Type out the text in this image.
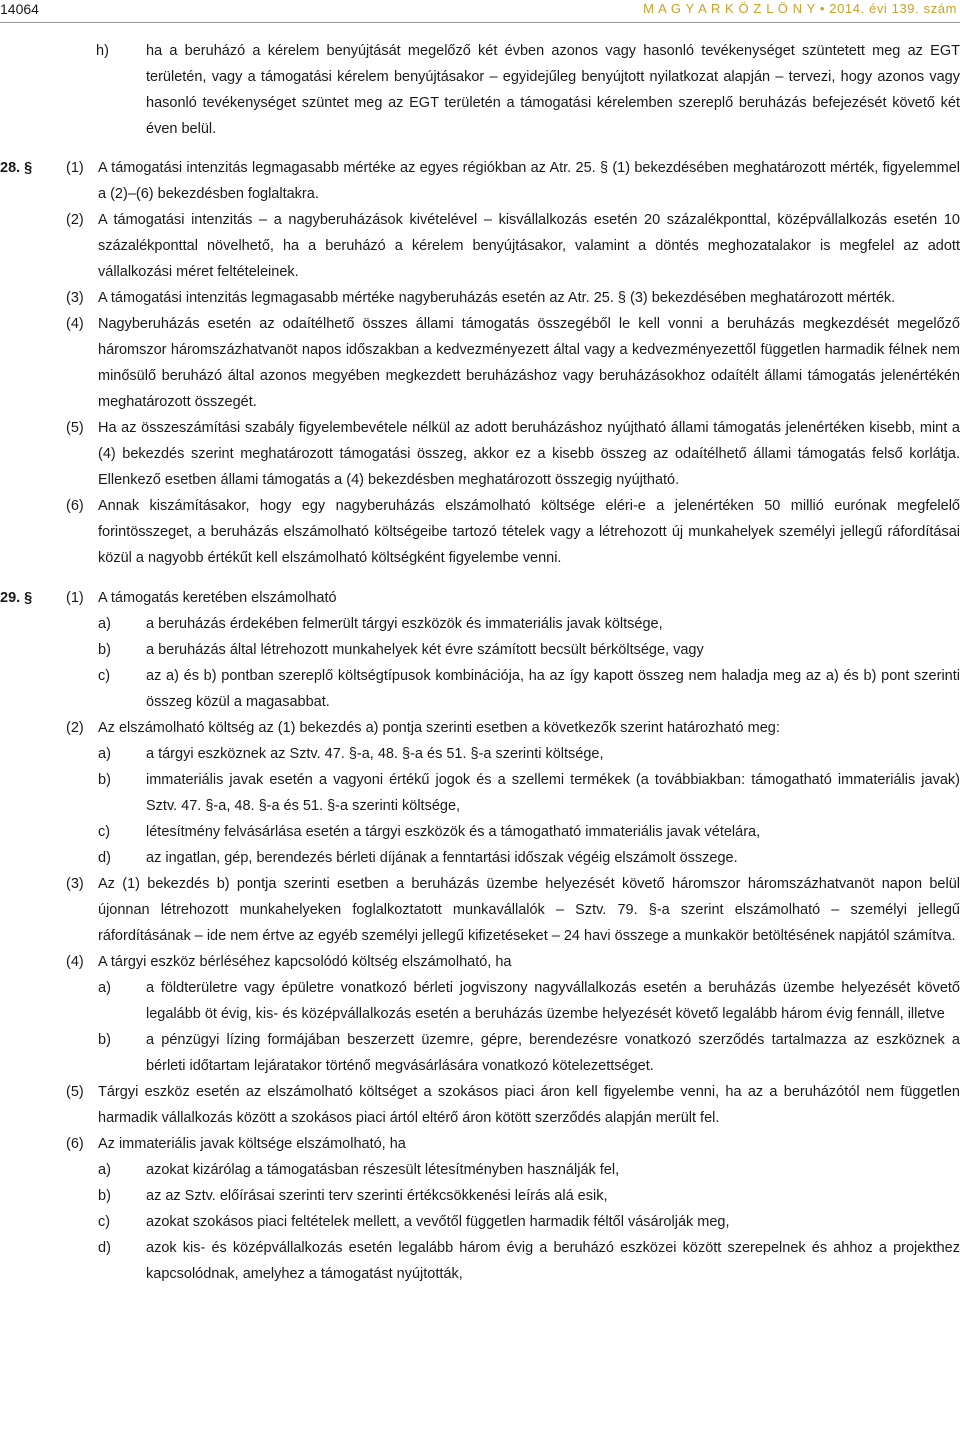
14064	M A G Y A R K Ö Z L Ö N Y • 2014. évi 139. szám
h)	ha a beruházó a kérelem benyújtását megelőző két évben azonos vagy hasonló tevékenységet szüntetett meg az EGT területén, vagy a támogatási kérelem benyújtásakor – egyidejűleg benyújtott nyilatkozat alapján – tervezi, hogy azonos vagy hasonló tevékenységet szüntet meg az EGT területén a támogatási kérelemben szereplő beruházás befejezését követő két éven belül.
28. § (1) A támogatási intenzitás legmagasabb mértéke az egyes régiókban az Atr. 25. § (1) bekezdésében meghatározott mérték, figyelemmel a (2)–(6) bekezdésben foglaltakra.
(2) A támogatási intenzitás – a nagyberuházások kivételével – kisvállalkozás esetén 20 százalékponttal, középvállalkozás esetén 10 százalékponttal növelhető, ha a beruházó a kérelem benyújtásakor, valamint a döntés meghozatalakor is megfelel az adott vállalkozási méret feltételeinek.
(3) A támogatási intenzitás legmagasabb mértéke nagyberuházás esetén az Atr. 25. § (3) bekezdésében meghatározott mérték.
(4) Nagyberuházás esetén az odaítélhető összes állami támogatás összegéből le kell vonni a beruházás megkezdését megelőző háromszor háromszázhatvanöt napos időszakban a kedvezményezett által vagy a kedvezményezettől független harmadik félnek nem minősülő beruházó által azonos megyében megkezdett beruházáshoz vagy beruházásokhoz odaítélt állami támogatás jelenértékén meghatározott összegét.
(5) Ha az összeszámítási szabály figyelembevétele nélkül az adott beruházáshoz nyújtható állami támogatás jelenértéken kisebb, mint a (4) bekezdés szerint meghatározott támogatási összeg, akkor ez a kisebb összeg az odaítélhető állami támogatás felső korlátja. Ellenkező esetben állami támogatás a (4) bekezdésben meghatározott összegig nyújtható.
(6) Annak kiszámításakor, hogy egy nagyberuházás elszámolható költsége eléri-e a jelenértéken 50 millió eurónak megfelelő forintösszeget, a beruházás elszámolható költségeibe tartozó tételek vagy a létrehozott új munkahelyek személyi jellegű ráfordításai közül a nagyobb értékűt kell elszámolható költségként figyelembe venni.
29. § (1) A támogatás keretében elszámolható
a) a beruházás érdekében felmerült tárgyi eszközök és immateriális javak költsége,
b) a beruházás által létrehozott munkahelyek két évre számított becsült bérköltsége, vagy
c) az a) és b) pontban szereplő költségtípusok kombinációja, ha az így kapott összeg nem haladja meg az a) és b) pont szerinti összeg közül a magasabbat.
(2) Az elszámolható költség az (1) bekezdés a) pontja szerinti esetben a következők szerint határozható meg:
a) a tárgyi eszköznek az Sztv. 47. §-a, 48. §-a és 51. §-a szerinti költsége,
b) immateriális javak esetén a vagyoni értékű jogok és a szellemi termékek (a továbbiakban: támogatható immateriális javak) Sztv. 47. §-a, 48. §-a és 51. §-a szerinti költsége,
c) létesítmény felvásárlása esetén a tárgyi eszközök és a támogatható immateriális javak vételára,
d) az ingatlan, gép, berendezés bérleti díjának a fenntartási időszak végéig elszámolt összege.
(3) Az (1) bekezdés b) pontja szerinti esetben a beruházás üzembe helyezését követő háromszor háromszázhatvanöt napon belül újonnan létrehozott munkahelyeken foglalkoztatott munkavállalók – Sztv. 79. §-a szerint elszámolható – személyi jellegű ráfordításának – ide nem értve az egyéb személyi jellegű kifizetéseket – 24 havi összege a munkakör betöltésének napjától számítva.
(4) A tárgyi eszköz bérléséhez kapcsolódó költség elszámolható, ha
a) a földterületre vagy épületre vonatkozó bérleti jogviszony nagyvállalkozás esetén a beruházás üzembe helyezését követő legalább öt évig, kis- és középvállalkozás esetén a beruházás üzembe helyezését követő legalább három évig fennáll, illetve
b) a pénzügyi lízing formájában beszerzett üzemre, gépre, berendezésre vonatkozó szerződés tartalmazza az eszköznek a bérleti időtartam lejáratakor történő megvásárlására vonatkozó kötelezettséget.
(5) Tárgyi eszköz esetén az elszámolható költséget a szokásos piaci áron kell figyelembe venni, ha az a beruházótól nem független harmadik vállalkozás között a szokásos piaci ártól eltérő áron kötött szerződés alapján merült fel.
(6) Az immateriális javak költsége elszámolható, ha
a) azokat kizárólag a támogatásban részesült létesítményben használják fel,
b) az az Sztv. előírásai szerinti terv szerinti értékcsökkenési leírás alá esik,
c) azokat szokásos piaci feltételek mellett, a vevőtől független harmadik féltől vásárolják meg,
d) azok kis- és középvállalkozás esetén legalább három évig a beruházó eszközei között szerepelnek és ahhoz a projekthez kapcsolódnak, amelyhez a támogatást nyújtották,
